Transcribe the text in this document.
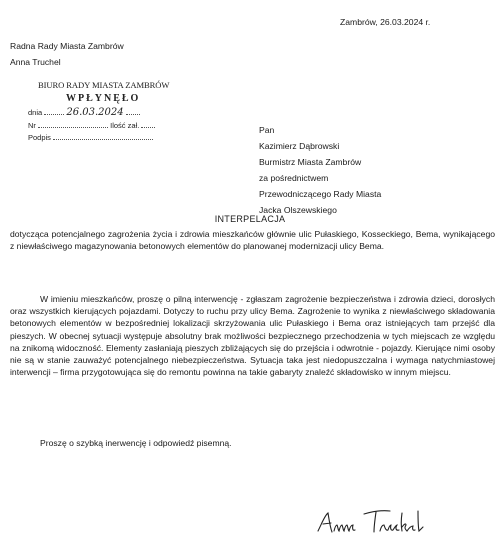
Zambrów, 26.03.2024 r.
Radna Rady Miasta Zambrów
Anna Truchel
BIURO RADY MIASTA ZAMBRÓW
WPŁYNĘŁO
dnia 26.03.2024
Nr	Ilość zał.
Podpis
Pan
Kazimierz Dąbrowski
Burmistrz Miasta Zambrów
za pośrednictwem
Przewodniczącego Rady Miasta
Jacka Olszewskiego
INTERPELACJA
dotycząca potencjalnego zagrożenia życia i zdrowia mieszkańców głównie ulic Pułaskiego, Kosseckiego, Bema, wynikającego z niewłaściwego magazynowania betonowych elementów do planowanej modernizacji ulicy Bema.
W imieniu mieszkańców, proszę o pilną interwencję - zgłaszam zagrożenie bezpieczeństwa i zdrowia dzieci, dorosłych oraz wszystkich kierujących pojazdami. Dotyczy to ruchu przy ulicy Bema. Zagrożenie to wynika z niewłaściwego składowania betonowych elementów w bezpośredniej lokalizacji skrzyżowania ulic Pułaskiego i Bema oraz istniejących tam przejść dla pieszych. W obecnej sytuacji występuje absolutny brak możliwości bezpiecznego przechodzenia w tych miejscach ze względu na znikomą widoczność. Elementy zasłaniają pieszych zbliżających się do przejścia i odwrotnie - pojazdy. Kierujące nimi osoby nie są w stanie zauważyć potencjalnego niebezpieczeństwa. Sytuacja taka jest niedopuszczalna i wymaga natychmiastowej interwencji – firma przygotowująca się do remontu powinna na takie gabaryty znaleźć składowisko w innym miejscu.
Proszę o szybką inerwencję i odpowiedź pisemną.
